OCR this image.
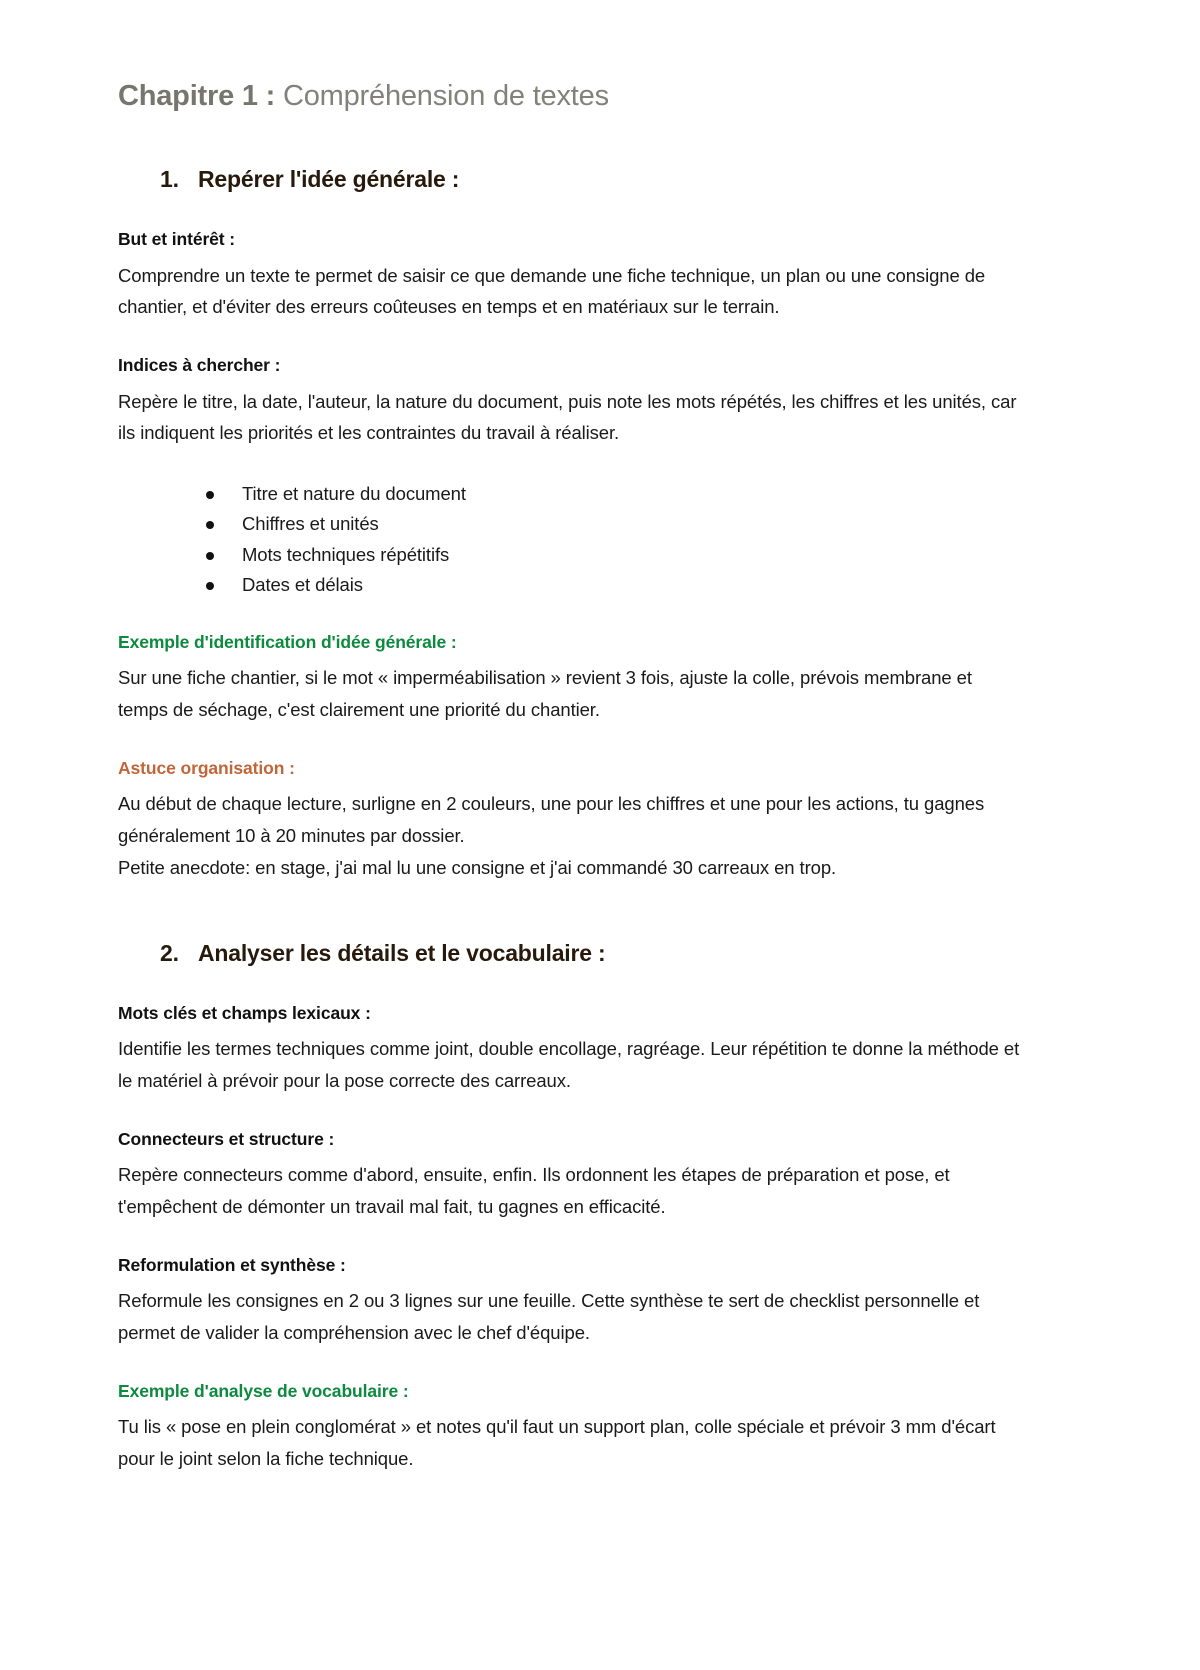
Chapitre 1 : Compréhension de textes
1. Repérer l'idée générale :
But et intérêt :

Comprendre un texte te permet de saisir ce que demande une fiche technique, un plan ou une consigne de chantier, et d'éviter des erreurs coûteuses en temps et en matériaux sur le terrain.

Indices à chercher :

Repère le titre, la date, l'auteur, la nature du document, puis note les mots répétés, les chiffres et les unités, car ils indiquent les priorités et les contraintes du travail à réaliser.

Titre et nature du document
Chiffres et unités
Mots techniques répétitifs
Dates et délais
Exemple d'identification d'idée générale :

Sur une fiche chantier, si le mot « imperméabilisation » revient 3 fois, ajuste la colle, prévois membrane et temps de séchage, c'est clairement une priorité du chantier.

Astuce organisation :

Au début de chaque lecture, surligne en 2 couleurs, une pour les chiffres et une pour les actions, tu gagnes généralement 10 à 20 minutes par dossier.

Petite anecdote: en stage, j'ai mal lu une consigne et j'ai commandé 30 carreaux en trop.

2. Analyser les détails et le vocabulaire :
Mots clés et champs lexicaux :

Identifie les termes techniques comme joint, double encollage, ragréage. Leur répétition te donne la méthode et le matériel à prévoir pour la pose correcte des carreaux.

Connecteurs et structure :

Repère connecteurs comme d'abord, ensuite, enfin. Ils ordonnent les étapes de préparation et pose, et t'empêchent de démonter un travail mal fait, tu gagnes en efficacité.

Reformulation et synthèse :

Reformule les consignes en 2 ou 3 lignes sur une feuille. Cette synthèse te sert de checklist personnelle et permet de valider la compréhension avec le chef d'équipe.

Exemple d'analyse de vocabulaire :

Tu lis « pose en plein conglomérat » et notes qu'il faut un support plan, colle spéciale et prévoir 3 mm d'écart pour le joint selon la fiche technique.
